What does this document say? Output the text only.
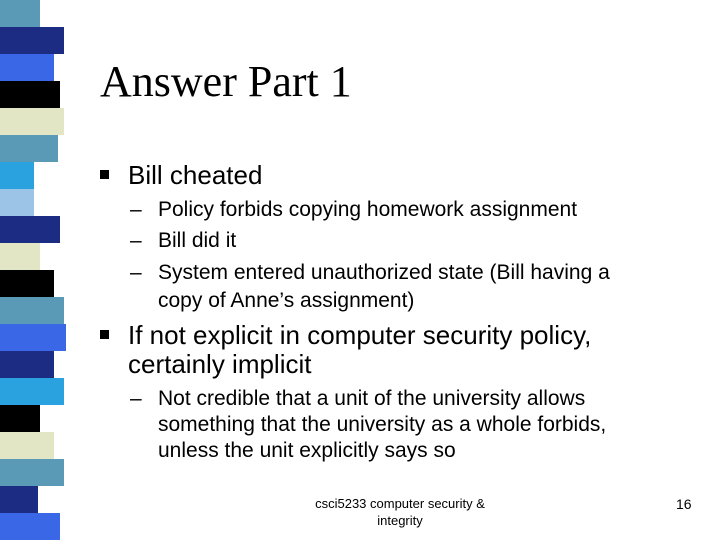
Answer Part 1
Bill cheated
– Policy forbids copying homework assignment
– Bill did it
– System entered unauthorized state (Bill having a
copy of Anne’s assignment)
If not explicit in computer security policy,
certainly implicit
– Not credible that a unit of the university allows
something that the university as a whole forbids,
unless the unit explicitly says so
csci5233 computer security &
integrity
16
